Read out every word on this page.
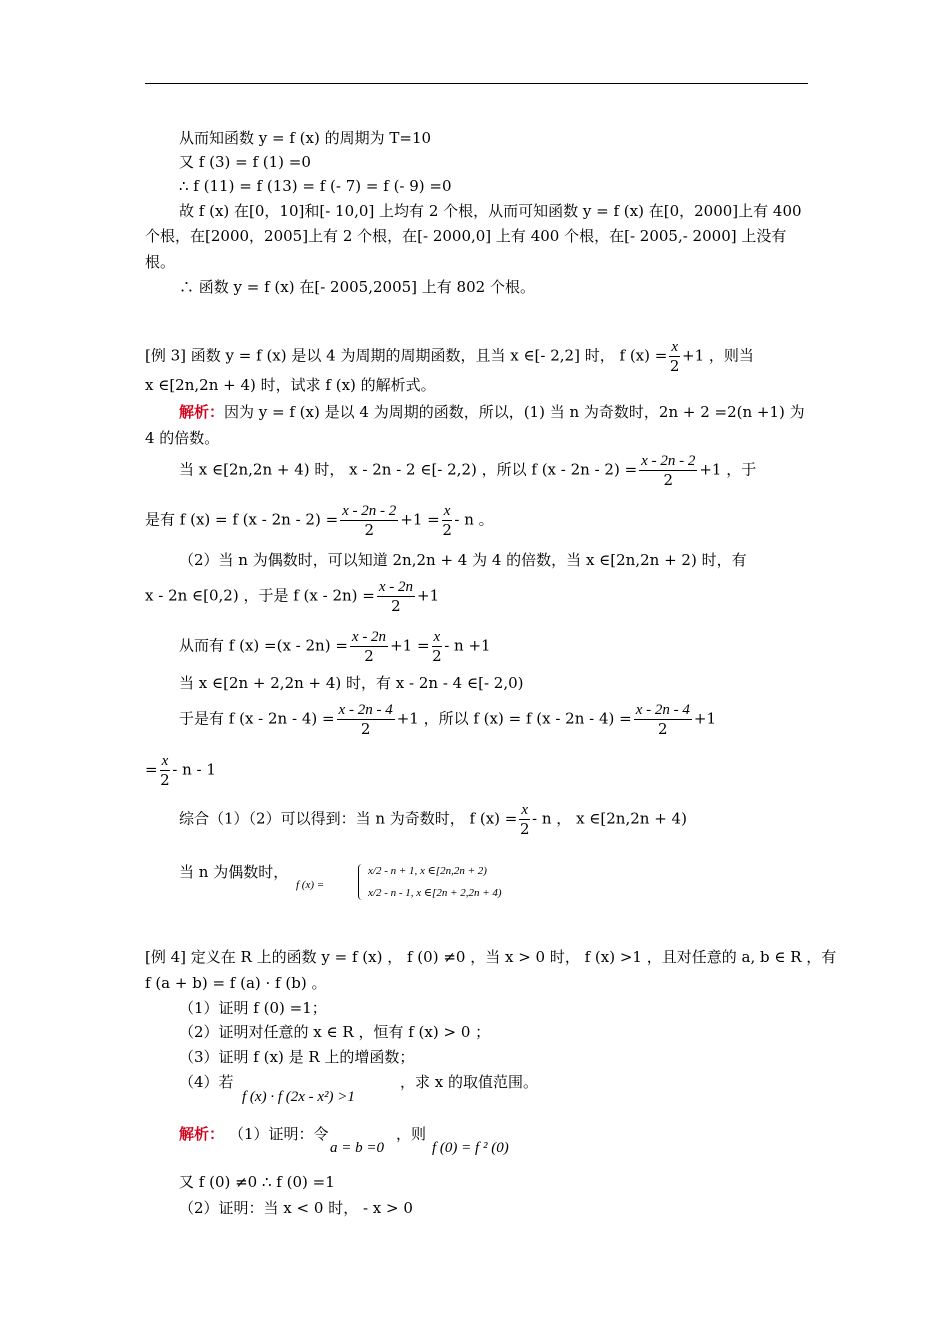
从而知函数 y = f (x) 的周期为 T=10
又 f (3) = f (1) =0
∴ f (11) = f (13) = f (- 7) = f (- 9) =0
故 f (x) 在[0，10]和[- 10,0] 上均有 2 个根，从而可知函数 y = f (x) 在[0，2000]上有 400
个根，在[2000，2005]上有 2 个根，在[- 2000,0] 上有 400 个根，在[- 2005,- 2000] 上没有
根。
∴ 函数 y = f (x) 在[- 2005,2005] 上有 802 个根。
[例 3] 函数 y = f (x) 是以 4 为周期的周期函数，且当 x ∈[- 2,2] 时， f $(x) = \frac{x}{2} +1$ ，则当
x ∈[2n,2n + 4) 时，试求 f (x) 的解析式。
解析：因为 y = f (x) 是以 4 为周期的函数，所以，(1) 当 n 为奇数时，2n + 2 =2(n +1) 为
4 的倍数。
当 x ∈[2n,2n + 4) 时， x - 2n - 2 ∈[- 2,2) ，所以 f $(x - 2n - 2) = \frac{x - 2n - 2}{2} +1$ ，于
是有 f (x) = f $(x - 2n - 2) = \frac{x - 2n - 2}{2} +1 = \frac{x}{2} - n$ 。
（2）当 n 为偶数时，可以知道 2n,2n + 4 为 4 的倍数，当 x ∈[2n,2n + 2) 时，有
x - 2n ∈[0,2) ，于是 f $(x - 2n) = \frac{x - 2n}{2} +1$
从而有 f $(x) =(x - 2n) = \frac{x - 2n}{2} +1 = \frac{x}{2} - n +1$
当 x ∈[2n + 2,2n + 4) 时，有 x - 2n - 4 ∈[- 2,0)
于是有 f $(x - 2n - 4) = \frac{x - 2n - 4}{2} +1$ ，所以 f (x) = f $(x - 2n - 4) = \frac{x - 2n - 4}{2} +1$
= $\frac{x}{2}$ - n - 1
综合（1）（2）可以得到：当 n 为奇数时， f $(x) = \frac{x}{2} - n$ ， x ∈[2n,2n + 4)
当 n 为偶数时，
f (x) =
x/2 - n + 1, x ∈[2n,2n + 2)
x/2 - n - 1, x ∈[2n + 2,2n + 4)
[例 4] 定义在 R 上的函数 y = f (x) ， f (0) ≠0 ，当 x > 0 时， f (x) >1 ，且对任意的 a, b ∈ R ，有
f (a + b) = f (a) · f (b) 。
（1）证明 f (0) =1；
（2）证明对任意的 x ∈ R ，恒有 f (x) > 0 ；
（3）证明 f (x) 是 R 上的增函数；
（4）若
f (x) · f (2x - x²) >1
，求 x 的取值范围。
解析： （1）证明：令
a = b =0
，则
f (0) = f ² (0)
又 f (0) ≠0 ∴ f (0) =1
（2）证明：当 x < 0 时， - x > 0
